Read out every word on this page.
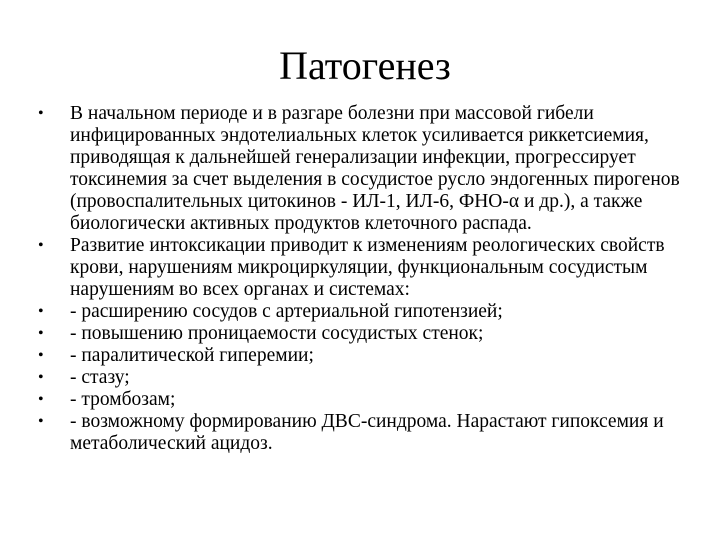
Патогенез
•	В начальном периоде и в разгаре болезни при массовой гибели инфицированных эндотелиальных клеток усиливается риккетсиемия, приводящая к дальнейшей генерализации инфекции, прогрессирует токсинемия за счет выделения в сосудистое русло эндогенных пирогенов (провоспалительных цитокинов - ИЛ-1, ИЛ-6, ФНО-α и др.), а также биологически активных продуктов клеточного распада.
•	Развитие интоксикации приводит к изменениям реологических свойств крови, нарушениям микроциркуляции, функциональным сосудистым нарушениям во всех органах и системах:
•	- расширению сосудов с артериальной гипотензией;
•	- повышению проницаемости сосудистых стенок;
•	- паралитической гиперемии;
•	- стазу;
•	- тромбозам;
•	- возможному формированию ДВС-синдрома. Нарастают гипоксемия и метаболический ацидоз.
